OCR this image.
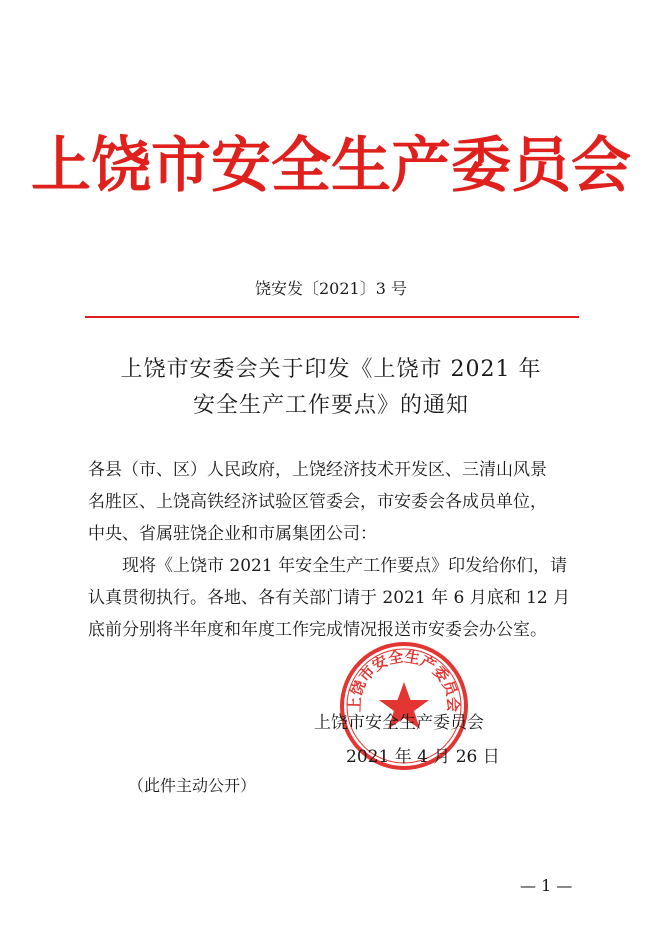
上饶市安全生产委员会
饶安发〔2021〕3 号
上饶市安委会关于印发《上饶市 2021 年
安全生产工作要点》的通知
各县（市、区）人民政府，上饶经济技术开发区、三清山风景
名胜区、上饶高铁经济试验区管委会，市安委会各成员单位，
中央、省属驻饶企业和市属集团公司：
现将《上饶市 2021 年安全生产工作要点》印发给你们，请
认真贯彻执行。各地、各有关部门请于 2021 年 6 月底和 12 月
底前分别将半年度和年度工作完成情况报送市安委会办公室。
上饶市安全生产委员会
上饶市安全生产委员会
2021 年 4 月 26 日
（此件主动公开）
— 1 —
